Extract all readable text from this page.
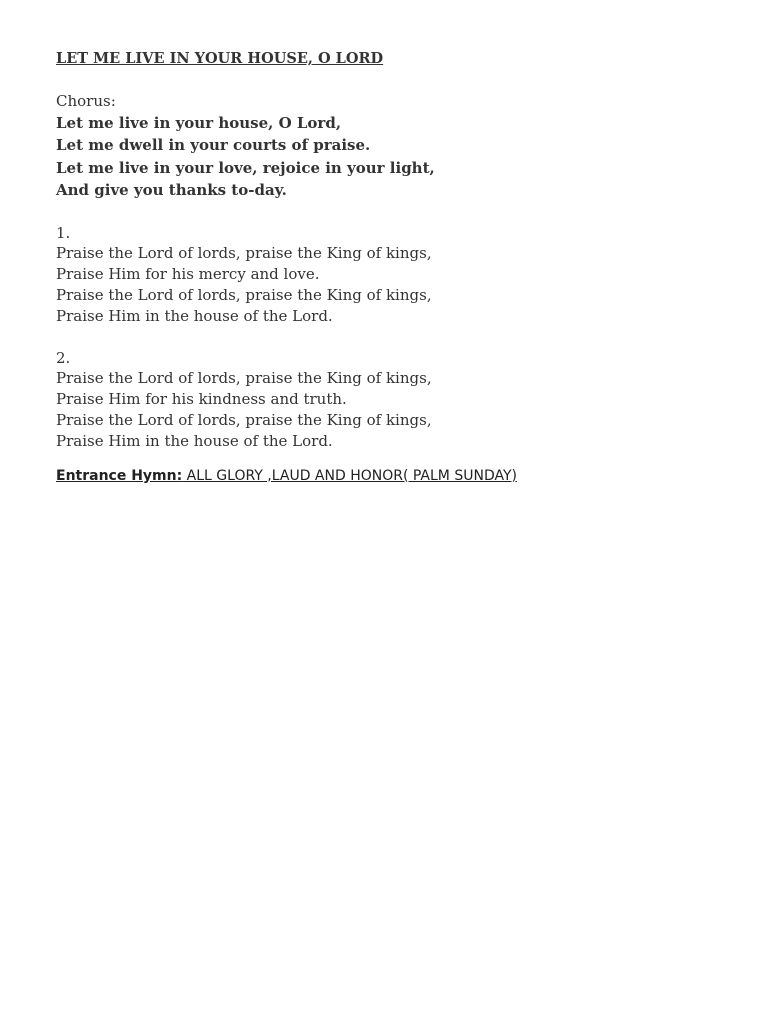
LET ME LIVE IN YOUR HOUSE, O LORD
Chorus:
Let me live in your house, O Lord,
Let me dwell in your courts of praise.
Let me live in your love, rejoice in your light,
And give you thanks to-day.
1.
Praise the Lord of lords, praise the King of kings,
Praise Him for his mercy and love.
Praise the Lord of lords, praise the King of kings,
Praise Him in the house of the Lord.
2.
Praise the Lord of lords, praise the King of kings,
Praise Him for his kindness and truth.
Praise the Lord of lords, praise the King of kings,
Praise Him in the house of the Lord.
Entrance Hymn: ALL GLORY ,LAUD AND HONOR( PALM SUNDAY)
